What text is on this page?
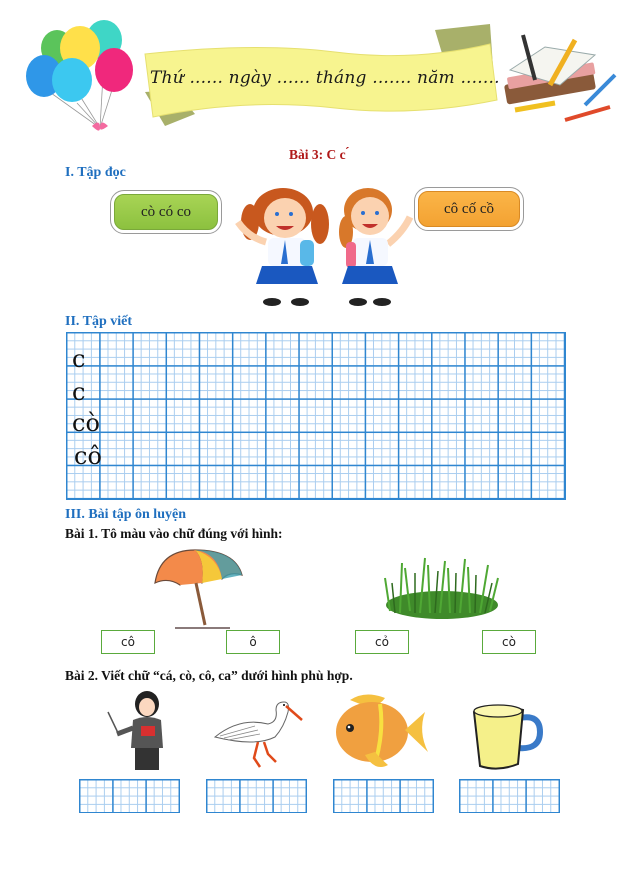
Thứ ...... ngày ...... tháng ....... năm .......
Bài 3: C c ́
I. Tập đọc
cò có co	cô cố cồ
II. Tập viết
c
c
cò
cô
III. Bài tập ôn luyện
Bài 1. Tô màu vào chữ đúng với hình:
cô	ô	cỏ	cò
Bài 2. Viết chữ “cá, cò, cô, ca” dưới hình phù hợp.
